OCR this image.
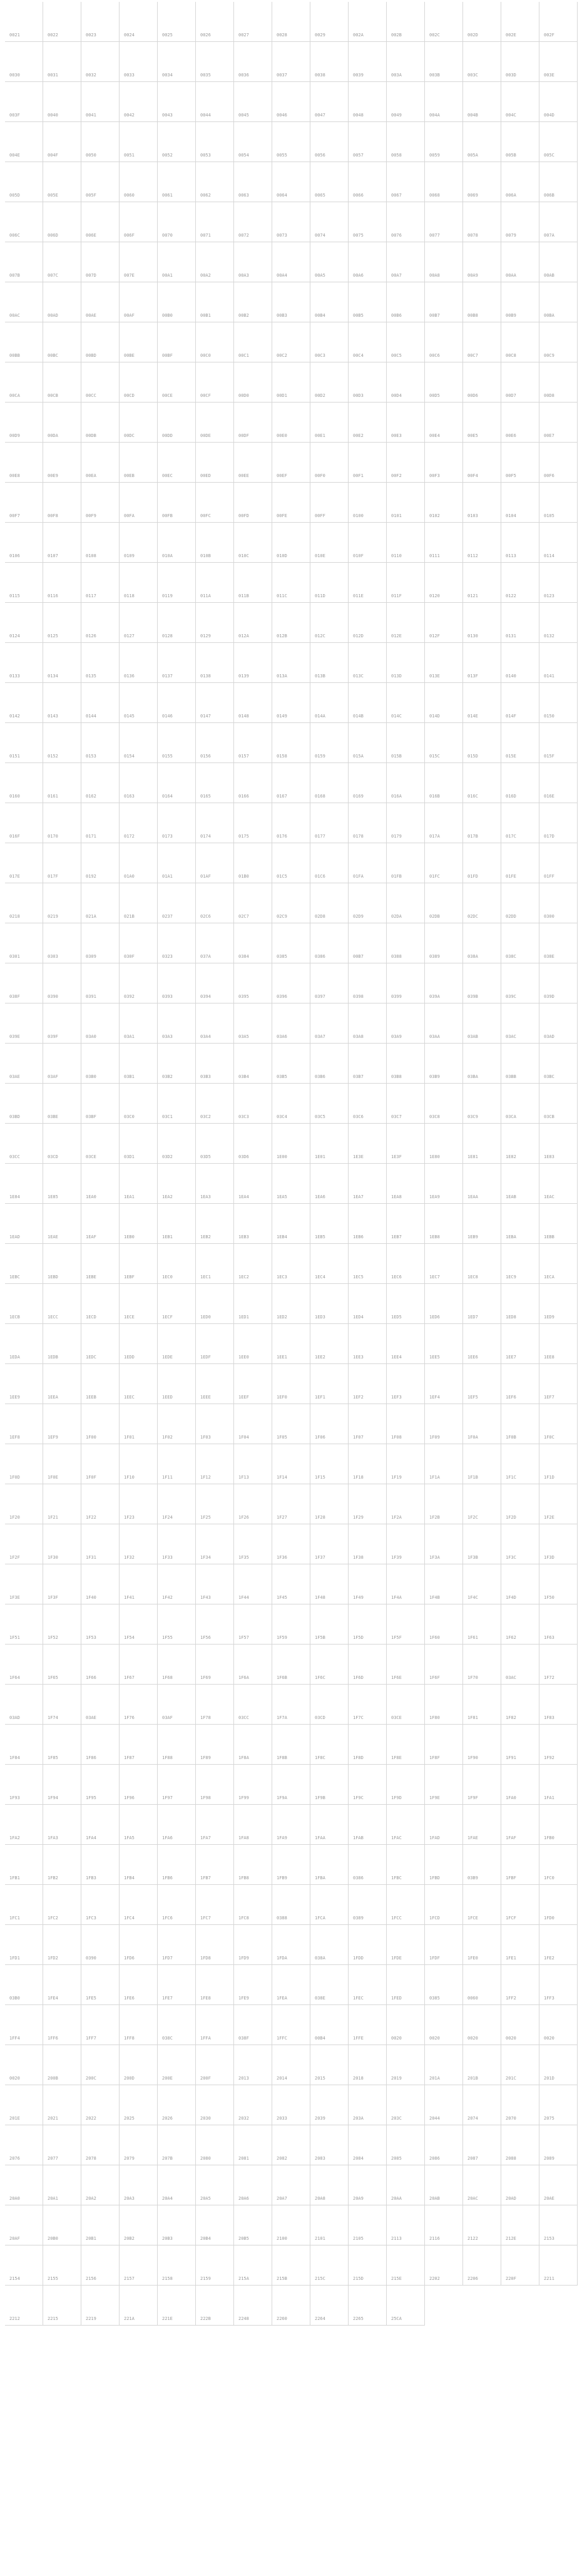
0021	0022	0023	0024	0025	0026	0027	0028	0029	002A	002B	002C	002D	002E	002F
0030	0031	0032	0033	0034	0035	0036	0037	0038	0039	003A	003B	003C	003D	003E
003F	0040	0041	0042	0043	0044	0045	0046	0047	0048	0049	004A	004B	004C	004D
004E	004F	0050	0051	0052	0053	0054	0055	0056	0057	0058	0059	005A	005B	005C
005D	005E	005F	0060	0061	0062	0063	0064	0065	0066	0067	0068	0069	006A	006B
006C	006D	006E	006F	0070	0071	0072	0073	0074	0075	0076	0077	0078	0079	007A
007B	007C	007D	007E	00A1	00A2	00A3	00A4	00A5	00A6	00A7	00A8	00A9	00AA	00AB
00AC	00AD	00AE	00AF	00B0	00B1	00B2	00B3	00B4	00B5	00B6	00B7	00B8	00B9	00BA
00BB	00BC	00BD	00BE	00BF	00C0	00C1	00C2	00C3	00C4	00C5	00C6	00C7	00C8	00C9
00CA	00CB	00CC	00CD	00CE	00CF	00D0	00D1	00D2	00D3	00D4	00D5	00D6	00D7	00D8
00D9	00DA	00DB	00DC	00DD	00DE	00DF	00E0	00E1	00E2	00E3	00E4	00E5	00E6	00E7
00E8	00E9	00EA	00EB	00EC	00ED	00EE	00EF	00F0	00F1	00F2	00F3	00F4	00F5	00F6
00F7	00F8	00F9	00FA	00FB	00FC	00FD	00FE	00FF	0100	0101	0102	0103	0104	0105
0106	0107	0108	0109	010A	010B	010C	010D	010E	010F	0110	0111	0112	0113	0114
0115	0116	0117	0118	0119	011A	011B	011C	011D	011E	011F	0120	0121	0122	0123
0124	0125	0126	0127	0128	0129	012A	012B	012C	012D	012E	012F	0130	0131	0132
0133	0134	0135	0136	0137	0138	0139	013A	013B	013C	013D	013E	013F	0140	0141
0142	0143	0144	0145	0146	0147	0148	0149	014A	014B	014C	014D	014E	014F	0150
0151	0152	0153	0154	0155	0156	0157	0158	0159	015A	015B	015C	015D	015E	015F
0160	0161	0162	0163	0164	0165	0166	0167	0168	0169	016A	016B	016C	016D	016E
016F	0170	0171	0172	0173	0174	0175	0176	0177	0178	0179	017A	017B	017C	017D
017E	017F	0192	01A0	01A1	01AF	01B0	01C5	01C6	01FA	01FB	01FC	01FD	01FE	01FF
0218	0219	021A	021B	0237	02C6	02C7	02C9	02D8	02D9	02DA	02DB	02DC	02DD	0300
0301	0303	0309	030F	0323	037A	0384	0385	0386	00B7	0388	0389	038A	038C	038E
038F	0390	0391	0392	0393	0394	0395	0396	0397	0398	0399	039A	039B	039C	039D
039E	039F	03A0	03A1	03A3	03A4	03A5	03A6	03A7	03A8	03A9	03AA	03AB	03AC	03AD
03AE	03AF	03B0	03B1	03B2	03B3	03B4	03B5	03B6	03B7	03B8	03B9	03BA	03BB	03BC
03BD	03BE	03BF	03C0	03C1	03C2	03C3	03C4	03C5	03C6	03C7	03C8	03C9	03CA	03CB
03CC	03CD	03CE	03D1	03D2	03D5	03D6	1E00	1E01	1E3E	1E3F	1E80	1E81	1E82	1E83
1E84	1E85	1EA0	1EA1	1EA2	1EA3	1EA4	1EA5	1EA6	1EA7	1EA8	1EA9	1EAA	1EAB	1EAC
1EAD	1EAE	1EAF	1EB0	1EB1	1EB2	1EB3	1EB4	1EB5	1EB6	1EB7	1EB8	1EB9	1EBA	1EBB
1EBC	1EBD	1EBE	1EBF	1EC0	1EC1	1EC2	1EC3	1EC4	1EC5	1EC6	1EC7	1EC8	1EC9	1ECA
1ECB	1ECC	1ECD	1ECE	1ECF	1ED0	1ED1	1ED2	1ED3	1ED4	1ED5	1ED6	1ED7	1ED8	1ED9
1EDA	1EDB	1EDC	1EDD	1EDE	1EDF	1EE0	1EE1	1EE2	1EE3	1EE4	1EE5	1EE6	1EE7	1EE8
1EE9	1EEA	1EEB	1EEC	1EED	1EEE	1EEF	1EF0	1EF1	1EF2	1EF3	1EF4	1EF5	1EF6	1EF7
1EF8	1EF9	1F00	1F01	1F02	1F03	1F04	1F05	1F06	1F07	1F08	1F09	1F0A	1F0B	1F0C
1F0D	1F0E	1F0F	1F10	1F11	1F12	1F13	1F14	1F15	1F18	1F19	1F1A	1F1B	1F1C	1F1D
1F20	1F21	1F22	1F23	1F24	1F25	1F26	1F27	1F28	1F29	1F2A	1F2B	1F2C	1F2D	1F2E
1F2F	1F30	1F31	1F32	1F33	1F34	1F35	1F36	1F37	1F38	1F39	1F3A	1F3B	1F3C	1F3D
1F3E	1F3F	1F40	1F41	1F42	1F43	1F44	1F45	1F48	1F49	1F4A	1F4B	1F4C	1F4D	1F50
1F51	1F52	1F53	1F54	1F55	1F56	1F57	1F59	1F5B	1F5D	1F5F	1F60	1F61	1F62	1F63
1F64	1F65	1F66	1F67	1F68	1F69	1F6A	1F6B	1F6C	1F6D	1F6E	1F6F	1F70	03AC	1F72
03AD	1F74	03AE	1F76	03AF	1F78	03CC	1F7A	03CD	1F7C	03CE	1F80	1F81	1F82	1F83
1F84	1F85	1F86	1F87	1F88	1F89	1F8A	1F8B	1F8C	1F8D	1F8E	1F8F	1F90	1F91	1F92
1F93	1F94	1F95	1F96	1F97	1F98	1F99	1F9A	1F9B	1F9C	1F9D	1F9E	1F9F	1FA0	1FA1
1FA2	1FA3	1FA4	1FA5	1FA6	1FA7	1FA8	1FA9	1FAA	1FAB	1FAC	1FAD	1FAE	1FAF	1FB0
1FB1	1FB2	1FB3	1FB4	1FB6	1FB7	1FB8	1FB9	1FBA	0386	1FBC	1FBD	03B9	1FBF	1FC0
1FC1	1FC2	1FC3	1FC4	1FC6	1FC7	1FC8	0388	1FCA	0389	1FCC	1FCD	1FCE	1FCF	1FD0
1FD1	1FD2	0390	1FD6	1FD7	1FD8	1FD9	1FDA	038A	1FDD	1FDE	1FDF	1FE0	1FE1	1FE2
03B0	1FE4	1FE5	1FE6	1FE7	1FE8	1FE9	1FEA	038E	1FEC	1FED	0385	0060	1FF2	1FF3
1FF4	1FF6	1FF7	1FF8	038C	1FFA	038F	1FFC	00B4	1FFE	0020	0020	0020	0020	0020
0020	200B	200C	200D	200E	200F	2013	2014	2015	2018	2019	201A	201B	201C	201D
201E	2021	2022	2025	2026	2030	2032	2033	2039	203A	203C	2044	2074	2070	2075
2076	2077	2078	2079	207B	2080	2081	2082	2083	2084	2085	2086	2087	2088	2089
20A0	20A1	20A2	20A3	20A4	20A5	20A6	20A7	20A8	20A9	20AA	20AB	20AC	20AD	20AE
20AF	20B0	20B1	20B2	20B3	20B4	20B5	2100	2101	2105	2113	2116	2122	212E	2153
2154	2155	2156	2157	2158	2159	215A	215B	215C	215D	215E	2202	2206	220F	2211
2212	2215	2219	221A	221E	222B	2248	2260	2264	2265	25CA
